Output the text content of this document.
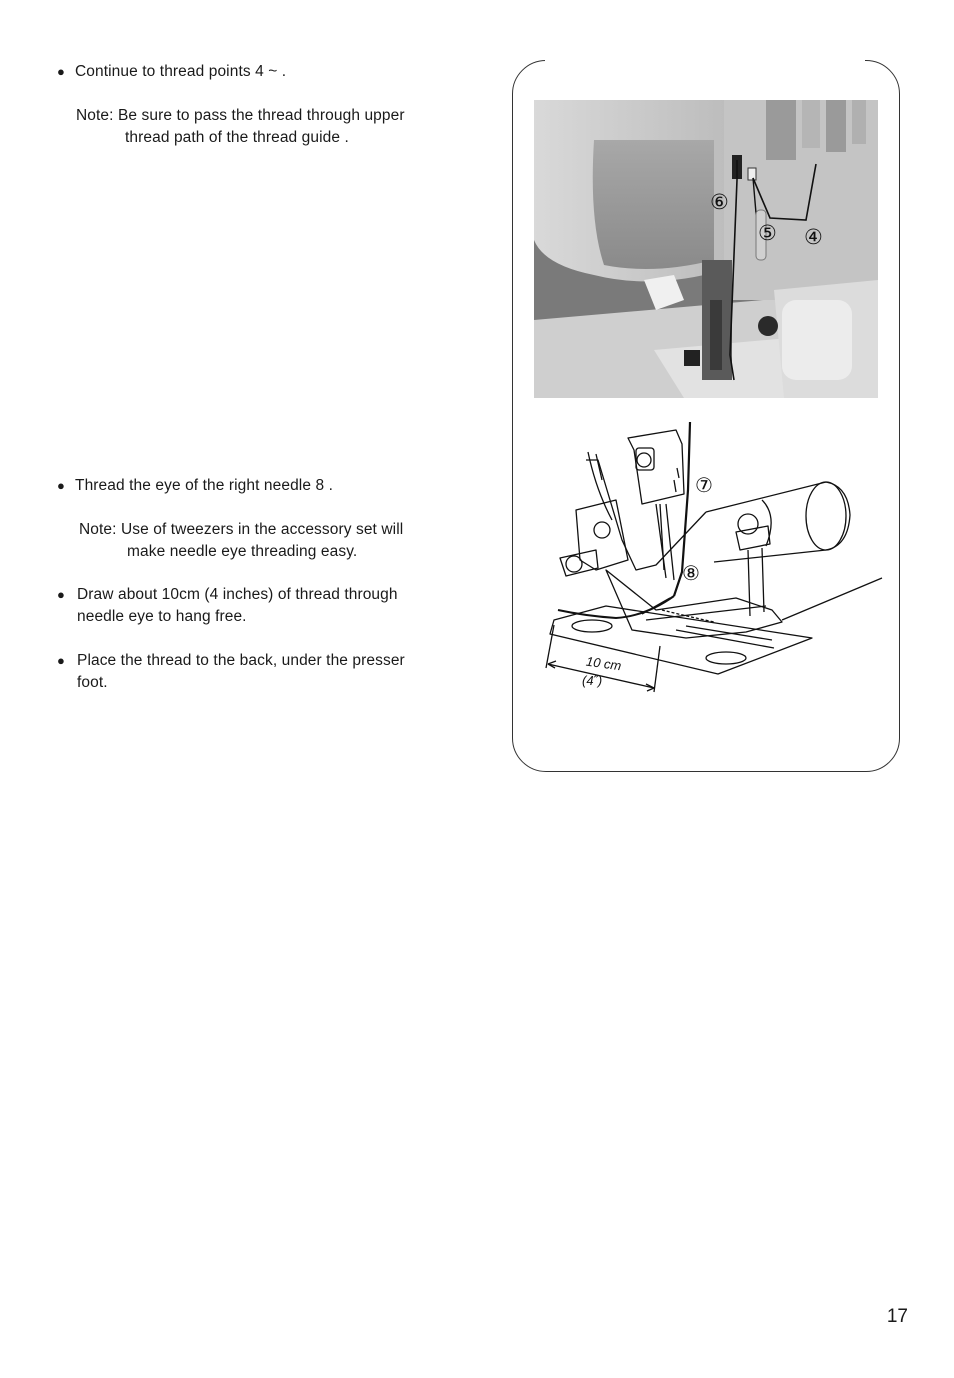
● Continue to thread points 4 ~ .
Note: Be sure to pass the thread through upper
thread path of the thread guide .
● Thread the eye of the right needle 8 .
Note: Use of tweezers in the accessory set will
make needle eye threading easy.
● Draw about 10cm (4 inches) of thread through
needle eye to hang free.
● Place the thread to the back, under the presser
foot.
⑥
⑤ ④
⑦
⑧
10 cm
(4˝)
17
